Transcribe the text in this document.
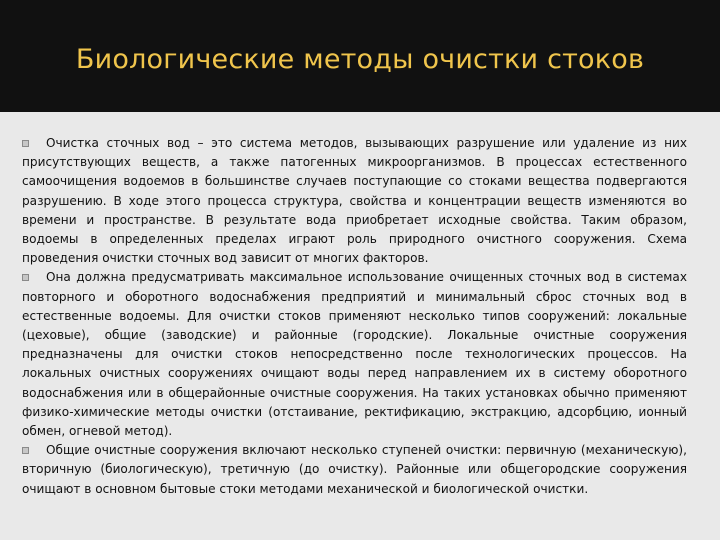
Биологические методы очистки стоков

Очистка сточных вод – это система методов, вызывающих разрушение или удаление из них присутствующих веществ, а также патогенных микроорганизмов. В процессах естественного самоочищения водоемов в большинстве случаев поступающие со стоками вещества подвергаются разрушению. В ходе этого процесса структура, свойства и концентрации веществ изменяются во времени и пространстве. В результате вода приобретает исходные свойства. Таким образом, водоемы в определенных пределах играют роль природного очистного сооружения. Схема проведения очистки сточных вод зависит от многих факторов.

Она должна предусматривать максимальное использование очищенных сточных вод в системах повторного и оборотного водоснабжения предприятий и минимальный сброс сточных вод в естественные водоемы. Для очистки стоков применяют несколько типов сооружений: локальные (цеховые), общие (заводские) и районные (городские). Локальные очистные сооружения предназначены для очистки стоков непосредственно после технологических процессов. На локальных очистных сооружениях очищают воды перед направлением их в систему оборотного водоснабжения или в общерайонные очистные сооружения. На таких установках обычно применяют физико-химические методы очистки (отстаивание, ректификацию, экстракцию, адсорбцию, ионный обмен, огневой метод).

Общие очистные сооружения включают несколько ступеней очистки: первичную (механическую), вторичную (биологическую), третичную (до очистку). Районные или общегородские сооружения очищают в основном бытовые стоки методами механической и биологической очистки.
